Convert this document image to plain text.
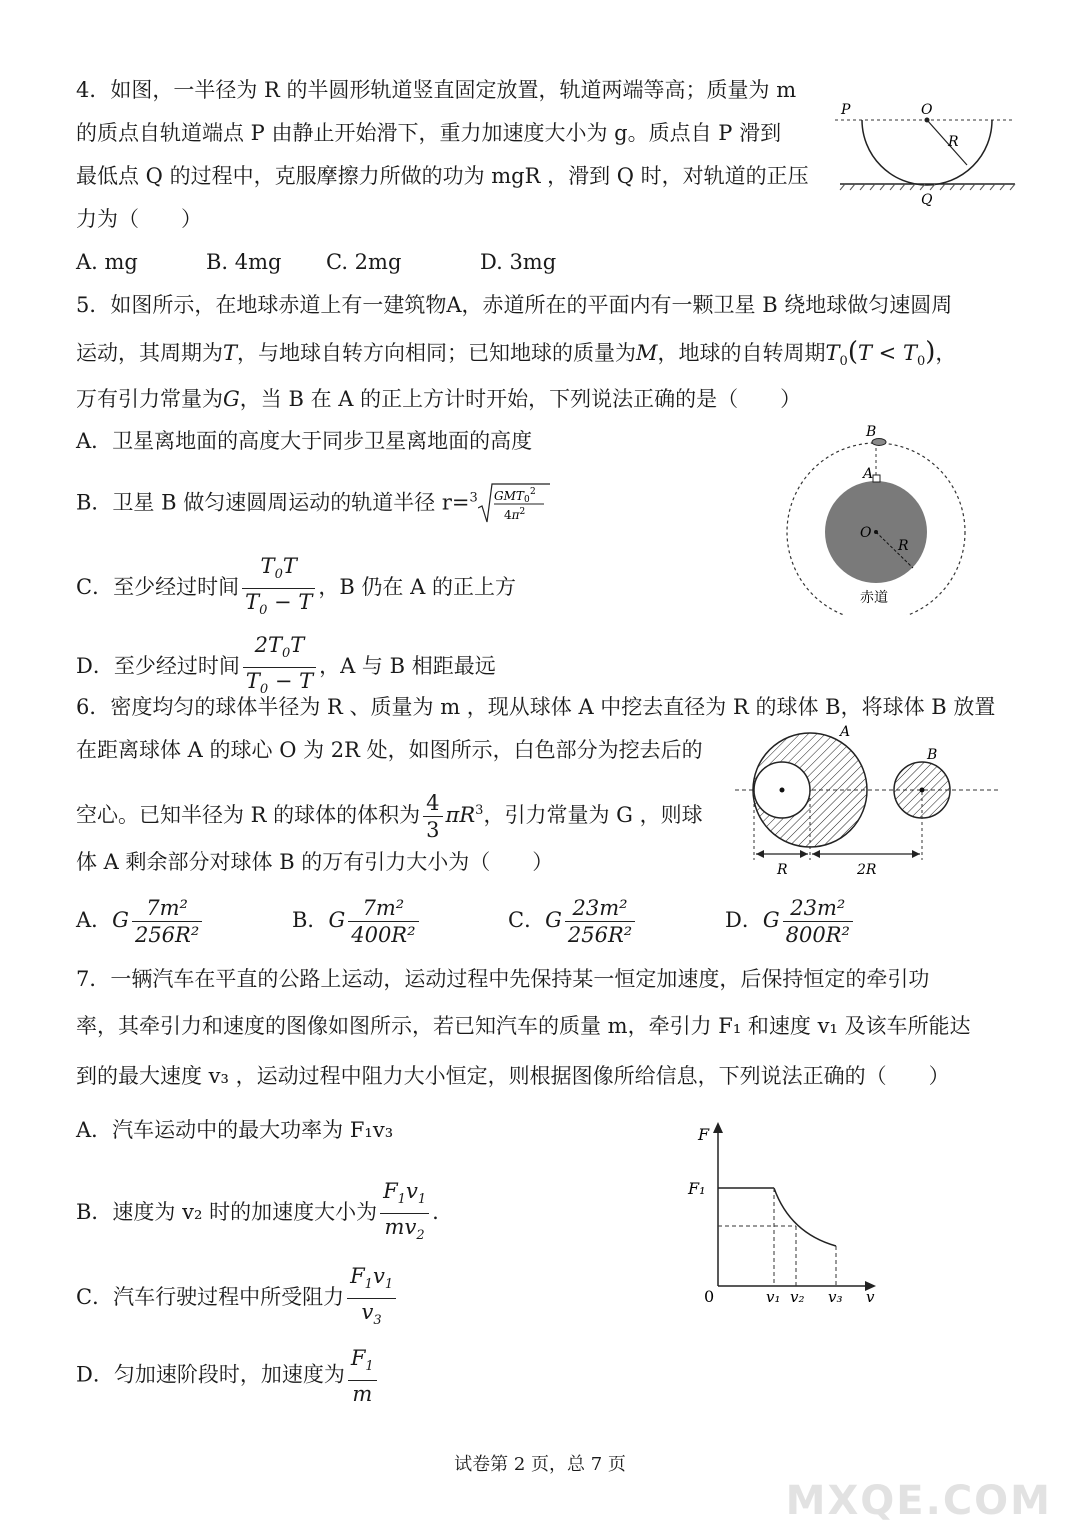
4．如图，一半径为 R 的半圆形轨道竖直固定放置，轨道两端等高；质量为 m
的质点自轨道端点 P 由静止开始滑下，重力加速度大小为 g。质点自 P 滑到
最低点 Q 的过程中，克服摩擦力所做的功为 mgR ，滑到 Q 时，对轨道的正压
力为（　　）
A. mg	B. 4mg C. 2mg	D. 3mg
P	O
R
Q
5．如图所示，在地球赤道上有一建筑物A，赤道所在的平面内有一颗卫星 B 绕地球做匀速圆周
运动，其周期为T，与地球自转方向相同；已知地球的质量为M，地球的自转周期$T_0(T < T_0)$，
万有引力常量为G，当 B 在 A 的正上方计时开始，下列说法正确的是（　　）
A．卫星离地面的高度大于同步卫星离地面的高度
B．卫星 B 做匀速圆周运动的轨道半径 r=$^3$ GMT 0
2
$4\pi^2$
C．至少经过时间 $\frac{T_0T}{T_0 - T}$ ，B 仍在 A 的正上方
D．至少经过时间 $\frac{2T_0T}{T_0 - T}$ ，A 与 B 相距最远
B
A
O
R
赤道
6．密度均匀的球体半径为 R 、质量为 m ，现从球体 A 中挖去直径为 R 的球体 B，将球体 B 放置
在距离球体 A 的球心 O 为 2R 处，如图所示，白色部分为挖去后的
空心。已知半径为 R 的球体的体积为 $\frac{4}{3} \pi R^3$，引力常量为 G ，则球
体 A 剩余部分对球体 B 的万有引力大小为（　　）
A．G $\frac{\text{7m²}}{\text{256R²}}$	B．G $\frac{\text{7m²}}{\text{400R²}}$	C．G $\frac{\text{23m²}}{\text{256R²}}$	D．G $\frac{\text{23m²}}{\text{800R²}}$
A
B
R	2R
7．一辆汽车在平直的公路上运动，运动过程中先保持某一恒定加速度，后保持恒定的牵引功
率，其牵引力和速度的图像如图所示，若已知汽车的质量 m，牵引力 F₁ 和速度 v₁ 及该车所能达
到的最大速度 v₃ ，运动过程中阻力大小恒定，则根据图像所给信息，下列说法正确的（　　）
A．汽车运动中的最大功率为 F₁v₃
B．速度为 v₂ 时的加速度大小为 $\frac{F_1v_1}{mv_2}$ .
C．汽车行驶过程中所受阻力 $\frac{F_1v_1}{v_3}$
D．匀加速阶段时，加速度为 $\frac{F_1}{m}$
F
F₁
0	v₁ v₂ v₃ v
试卷第 2 页，总 7 页
MXQE.COM
